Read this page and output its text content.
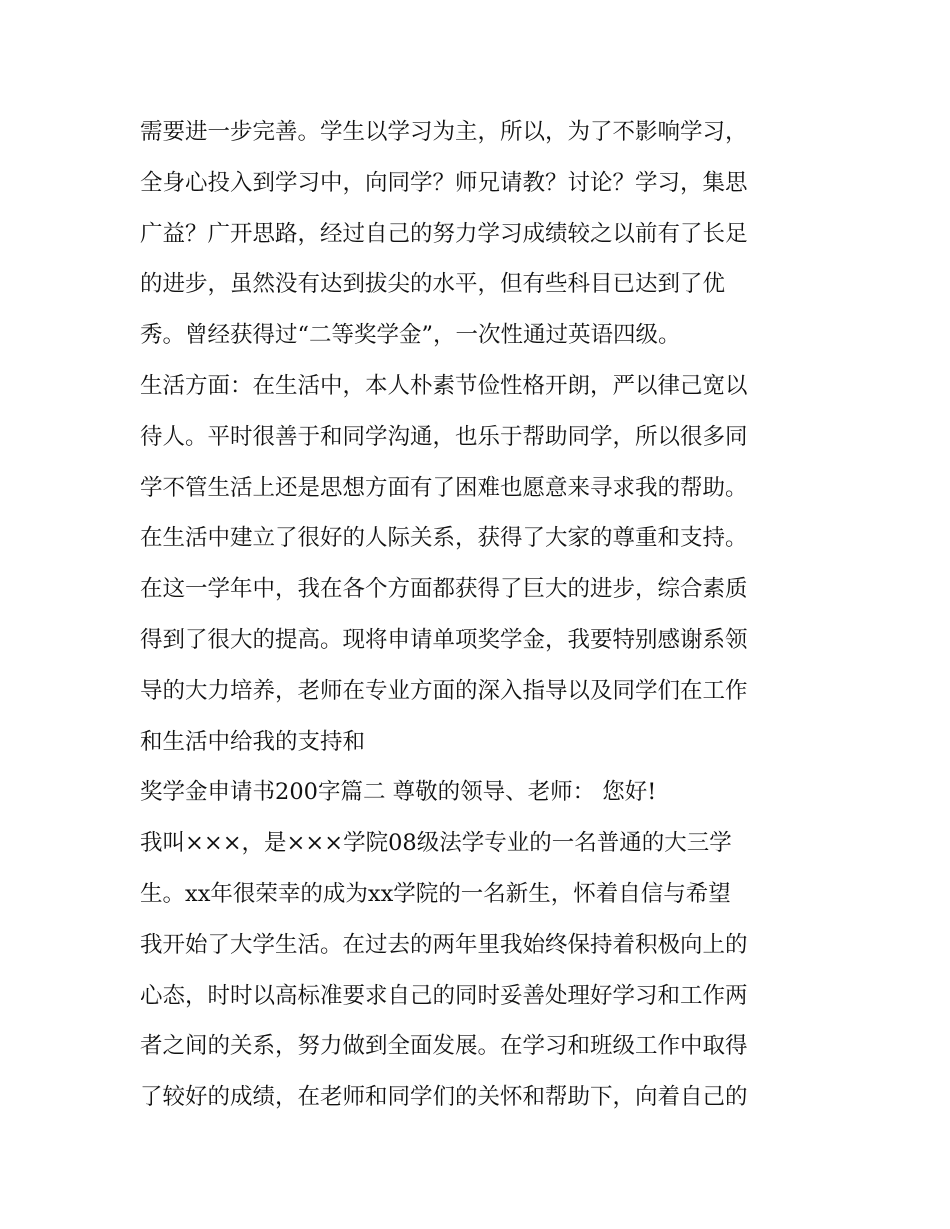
需要进一步完善。学生以学习为主，所以，为了不影响学习，

全身心投入到学习中，向同学？师兄请教？讨论？学习，集思

广益？广开思路，经过自己的努力学习成绩较之以前有了长足

的进步，虽然没有达到拔尖的水平，但有些科目已达到了优

秀。曾经获得过“二等奖学金”，一次性通过英语四级。

生活方面：在生活中，本人朴素节俭性格开朗，严以律己宽以

待人。平时很善于和同学沟通，也乐于帮助同学，所以很多同

学不管生活上还是思想方面有了困难也愿意来寻求我的帮助。

在生活中建立了很好的人际关系，获得了大家的尊重和支持。

在这一学年中，我在各个方面都获得了巨大的进步，综合素质

得到了很大的提高。现将申请单项奖学金，我要特别感谢系领

导的大力培养，老师在专业方面的深入指导以及同学们在工作

和生活中给我的支持和

奖学金申请书200字篇二 尊敬的领导、老师： 您好!

我叫×××，是×××学院08级法学专业的一名普通的大三学

生。xx年很荣幸的成为xx学院的一名新生，怀着自信与希望

我开始了大学生活。在过去的两年里我始终保持着积极向上的

心态，时时以高标准要求自己的同时妥善处理好学习和工作两

者之间的关系，努力做到全面发展。在学习和班级工作中取得

了较好的成绩，在老师和同学们的关怀和帮助下，向着自己的
